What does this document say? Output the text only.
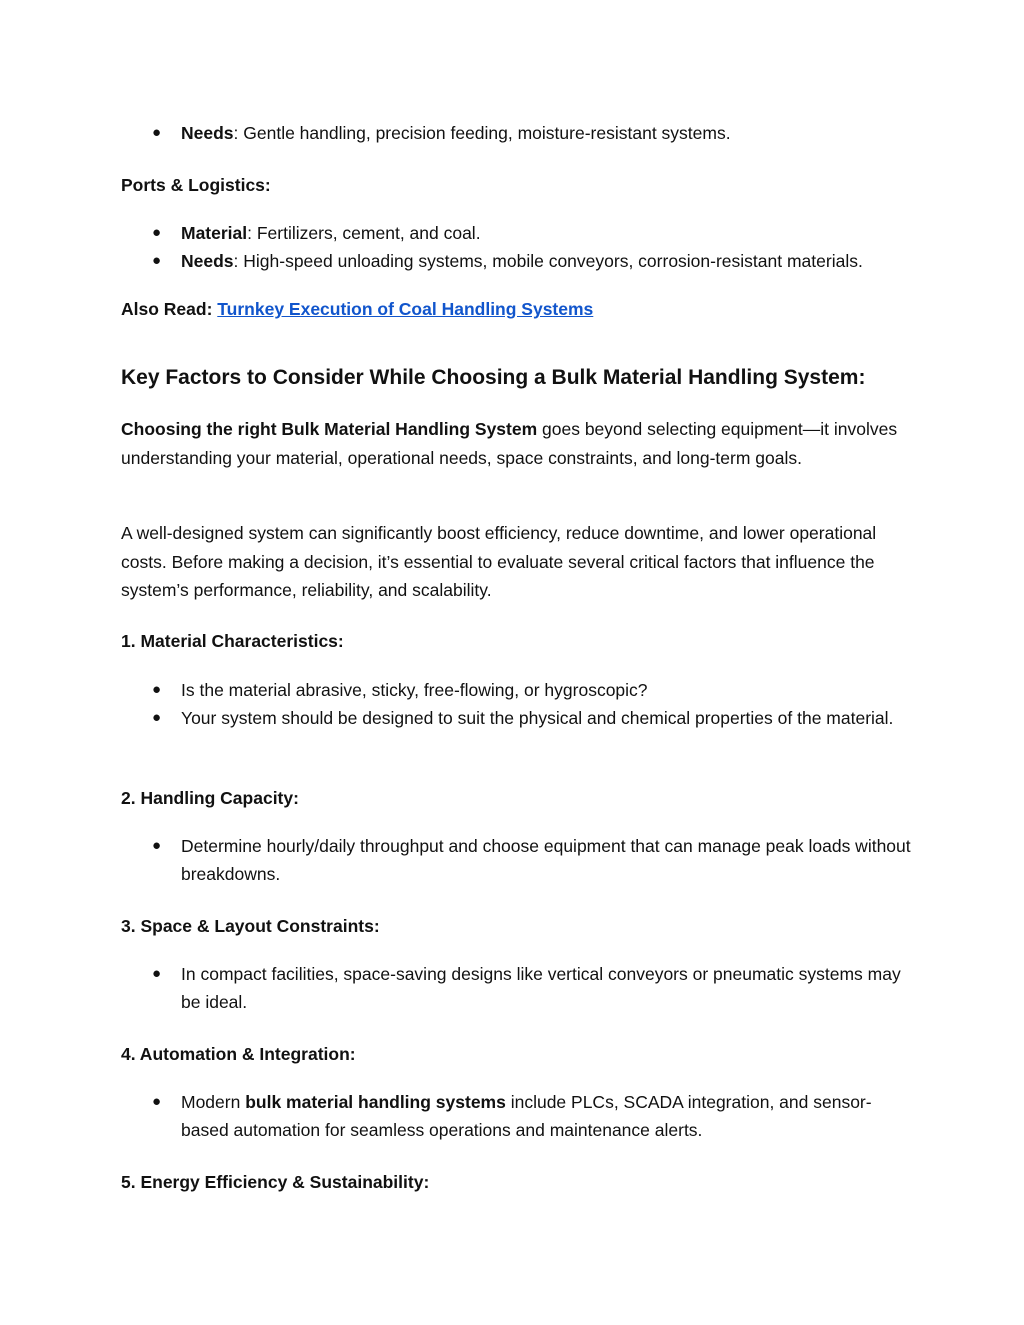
●	Needs: Gentle handling, precision feeding, moisture-resistant systems.
Ports & Logistics:
●	Material: Fertilizers, cement, and coal.
●	Needs: High-speed unloading systems, mobile conveyors, corrosion-resistant materials.
Also Read: Turnkey Execution of Coal Handling Systems
Key Factors to Consider While Choosing a Bulk Material Handling System:
Choosing the right Bulk Material Handling System goes beyond selecting equipment—it involves understanding your material, operational needs, space constraints, and long-term goals.
A well-designed system can significantly boost efficiency, reduce downtime, and lower operational costs. Before making a decision, it’s essential to evaluate several critical factors that influence the system’s performance, reliability, and scalability.
1. Material Characteristics:
●	Is the material abrasive, sticky, free-flowing, or hygroscopic?
●	Your system should be designed to suit the physical and chemical properties of the material.
2. Handling Capacity:
●	Determine hourly/daily throughput and choose equipment that can manage peak loads without breakdowns.
3. Space & Layout Constraints:
●	In compact facilities, space-saving designs like vertical conveyors or pneumatic systems may be ideal.
4. Automation & Integration:
●	Modern bulk material handling systems include PLCs, SCADA integration, and sensor-based automation for seamless operations and maintenance alerts.
5. Energy Efficiency & Sustainability:
